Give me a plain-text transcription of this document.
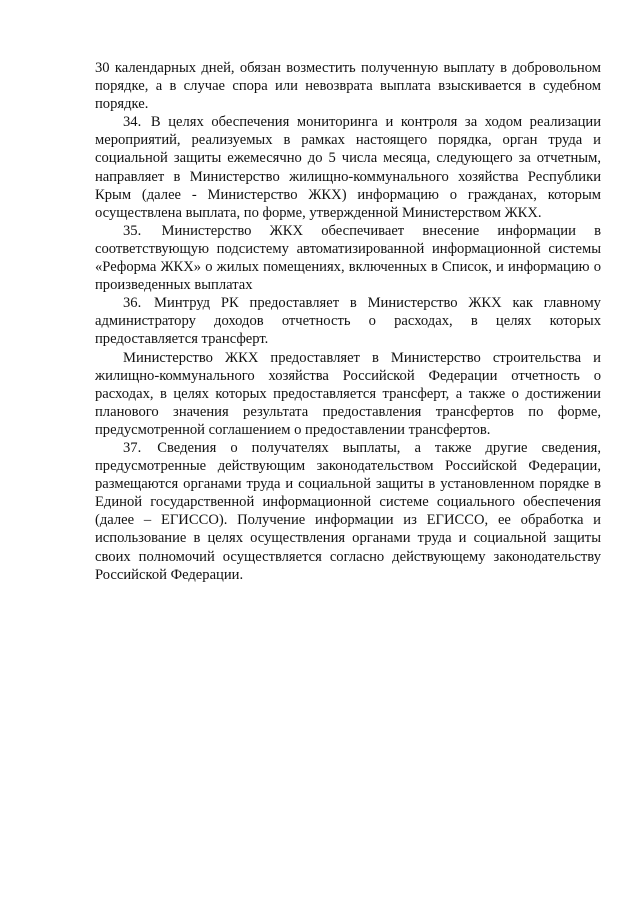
30 календарных дней, обязан возместить полученную выплату в добровольном порядке, а в случае спора или невозврата выплата взыскивается в судебном порядке.

34. В целях обеспечения мониторинга и контроля за ходом реализации мероприятий, реализуемых в рамках настоящего порядка, орган труда и социальной защиты ежемесячно до 5 числа месяца, следующего за отчетным, направляет в Министерство жилищно-коммунального хозяйства Республики Крым (далее - Министерство ЖКХ) информацию о гражданах, которым осуществлена выплата, по форме, утвержденной Министерством ЖКХ.

35. Министерство ЖКХ обеспечивает внесение информации в соответствующую подсистему автоматизированной информационной системы «Реформа ЖКХ» о жилых помещениях, включенных в Список, и информацию о произведенных выплатах

36. Минтруд РК предоставляет в Министерство ЖКХ как главному администратору доходов отчетность о расходах, в целях которых предоставляется трансферт.

Министерство ЖКХ предоставляет в Министерство строительства и жилищно-коммунального хозяйства Российской Федерации отчетность о расходах, в целях которых предоставляется трансферт, а также о достижении планового значения результата предоставления трансфертов по форме, предусмотренной соглашением о предоставлении трансфертов.

37. Сведения о получателях выплаты, а также другие сведения, предусмотренные действующим законодательством Российской Федерации, размещаются органами труда и социальной защиты в установленном порядке в Единой государственной информационной системе социального обеспечения (далее – ЕГИССО). Получение информации из ЕГИССО, ее обработка и использование в целях осуществления органами труда и социальной защиты своих полномочий осуществляется согласно действующему законодательству Российской Федерации.
